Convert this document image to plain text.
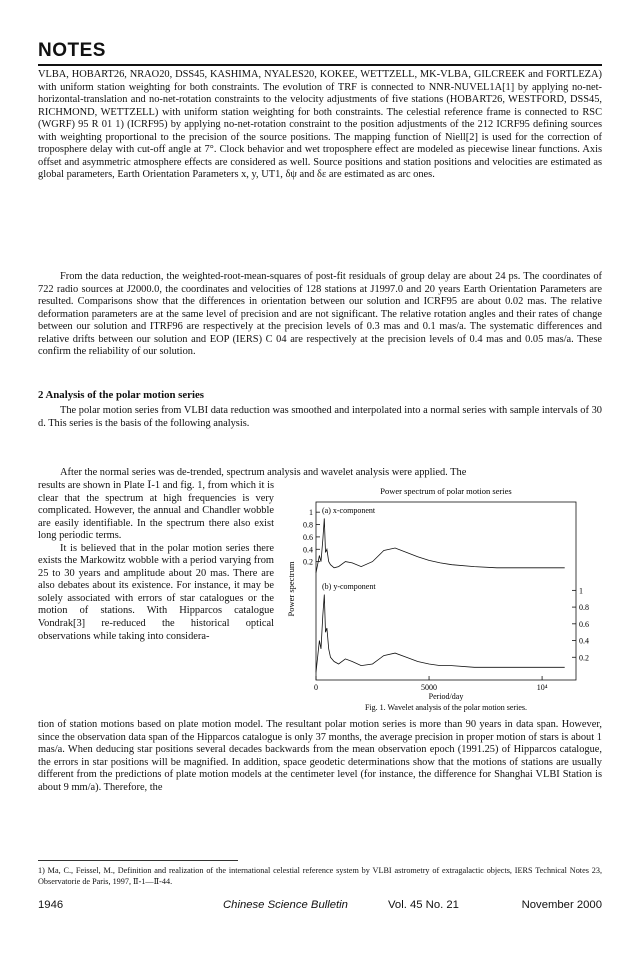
NOTES

VLBA, HOBART26, NRAO20, DSS45, KASHIMA, NYALES20, KOKEE, WETTZELL, MK-VLBA, GILCREEK and FORTLEZA) with uniform station weighting for both constraints. The evolution of TRF is connected to NNR-NUVEL1A[1] by applying no-net-horizontal-translation and no-net-rotation constraints to the velocity adjustments of five stations (HOBART26, WESTFORD, DSS45, RICHMOND, WETTZELL) with uniform station weighting for both constraints. The celestial reference frame is connected to RSC (WGRF) 95 R 01 1) (ICRF95) by applying no-net-rotation constraint to the position adjustments of the 212 ICRF95 defining sources with weighting proportional to the precision of the source positions. The mapping function of Niell[2] is used for the correction of troposphere delay with cut-off angle at 7°. Clock behavior and wet troposphere effect are modeled as piecewise linear functions. Axis offset and asymmetric atmosphere effects are considered as well. Source positions and station positions and velocities are estimated as global parameters, Earth Orientation Parameters x, y, UT1, δψ and δε are estimated as arc ones.

From the data reduction, the weighted-root-mean-squares of post-fit residuals of group delay are about 24 ps. The coordinates of 722 radio sources at J2000.0, the coordinates and velocities of 128 stations at J1997.0 and 20 years Earth Orientation Parameters are resulted. Comparisons show that the differences in orientation between our solution and ICRF95 are about 0.02 mas. The relative deformation parameters are at the same level of precision and are not significant. The relative rotation angles and their rates of change between our solution and ITRF96 are respectively at the precision levels of 0.3 mas and 0.1 mas/a. The systematic differences and relative drifts between our solution and EOP (IERS) C 04 are respectively at the precision levels of 0.4 mas and 0.05 mas/a. These confirm the reliability of our solution.

2 Analysis of the polar motion series

The polar motion series from VLBI data reduction was smoothed and interpolated into a normal series with sample intervals of 30 d. This series is the basis of the following analysis.

After the normal series was de-trended, spectrum analysis and wavelet analysis were applied. The

results are shown in Plate Ⅰ-1 and fig. 1, from which it is clear that the spectrum at high frequencies is very complicated. However, the annual and Chandler wobble are easily identifiable. In the spectrum there also exist long periodic terms.

It is believed that in the polar motion series there exists the Markowitz wobble with a period varying from 25 to 30 years and amplitude about 20 mas. There are also debates about its existence. For instance, it may be solely associated with errors of star catalogues or the motion of stations. With Hipparcos catalogue Vondrak[3] re-reduced the historical optical observations while taking into considera-

Power spectrum of polar motion series
(a) x-component
1
0.8
0.6
0.4
0.2
(b) y-component	1
0.8
0.6
0.4
0.2
0	5000	10⁴
Period/day
Power spectrum
Fig. 1. Wavelet analysis of the polar motion series.

tion of station motions based on plate motion model. The resultant polar motion series is more than 90 years in data span. However, since the observation data span of the Hipparcos catalogue is only 37 months, the average precision in proper motion of stars is about 1 mas/a. When deducing star positions several decades backwards from the mean observation epoch (1991.25) of Hipparcos catalogue, the errors in star positions will be magnified. In addition, space geodetic determinations show that the motions of stations are usually different from the predictions of plate motion models at the centimeter level (for instance, the difference for Shanghai VLBI Station is about 9 mm/a). Therefore, the

1) Ma, C., Feissel, M., Definition and realization of the international celestial reference system by VLBI astrometry of extragalactic objects, IERS Technical Notes 23, Observatorie de Paris, 1997, Ⅱ-1—Ⅱ-44.
1946	Chinese Science Bulletin	Vol. 45 No. 21	November 2000
